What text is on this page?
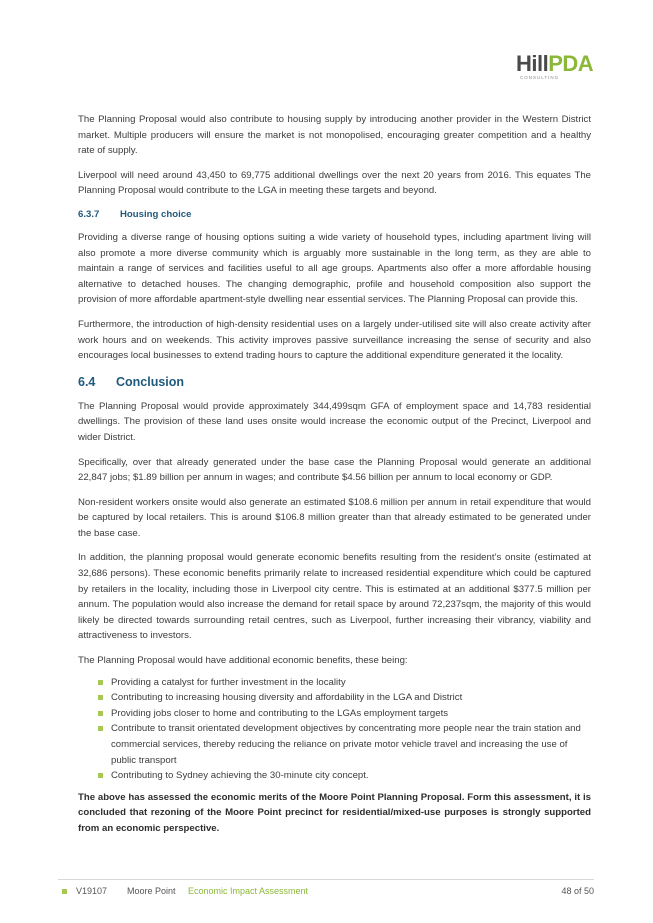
HillPDA
CONSULTING

The Planning Proposal would also contribute to housing supply by introducing another provider in the Western District market. Multiple producers will ensure the market is not monopolised, encouraging greater competition and a healthy rate of supply.

Liverpool will need around 43,450 to 69,775 additional dwellings over the next 20 years from 2016. This equates The Planning Proposal would contribute to the LGA in meeting these targets and beyond.

6.3.7 Housing choice

Providing a diverse range of housing options suiting a wide variety of household types, including apartment living will also promote a more diverse community which is arguably more sustainable in the long term, as they are able to maintain a range of services and facilities useful to all age groups. Apartments also offer a more affordable housing alternative to detached houses. The changing demographic, profile and household composition also support the provision of more affordable apartment-style dwelling near essential services. The Planning Proposal can provide this.

Furthermore, the introduction of high-density residential uses on a largely under-utilised site will also create activity after work hours and on weekends. This activity improves passive surveillance increasing the sense of security and also encourages local businesses to extend trading hours to capture the additional expenditure generated it the locality.

6.4 Conclusion

The Planning Proposal would provide approximately 344,499sqm GFA of employment space and 14,783 residential dwellings. The provision of these land uses onsite would increase the economic output of the Precinct, Liverpool and wider District.

Specifically, over that already generated under the base case the Planning Proposal would generate an additional 22,847 jobs; $1.89 billion per annum in wages; and contribute $4.56 billion per annum to local economy or GDP.

Non-resident workers onsite would also generate an estimated $108.6 million per annum in retail expenditure that would be captured by local retailers. This is around $106.8 million greater than that already estimated to be generated under the base case.

In addition, the planning proposal would generate economic benefits resulting from the resident’s onsite (estimated at 32,686 persons). These economic benefits primarily relate to increased residential expenditure which could be captured by retailers in the locality, including those in Liverpool city centre. This is estimated at an additional $377.5 million per annum. The population would also increase the demand for retail space by around 72,237sqm, the majority of this would likely be directed towards surrounding retail centres, such as Liverpool, further increasing their vibrancy, viability and attractiveness to investors.

The Planning Proposal would have additional economic benefits, these being:

Providing a catalyst for further investment in the locality
Contributing to increasing housing diversity and affordability in the LGA and District
Providing jobs closer to home and contributing to the LGAs employment targets
Contribute to transit orientated development objectives by concentrating more people near the train station and commercial services, thereby reducing the reliance on private motor vehicle travel and increasing the use of public transport
Contributing to Sydney achieving the 30-minute city concept.

The above has assessed the economic merits of the Moore Point Planning Proposal. Form this assessment, it is concluded that rezoning of the Moore Point precinct for residential/mixed-use purposes is strongly supported from an economic perspective.

V19107 Moore Point Economic Impact Assessment	48 of 50
